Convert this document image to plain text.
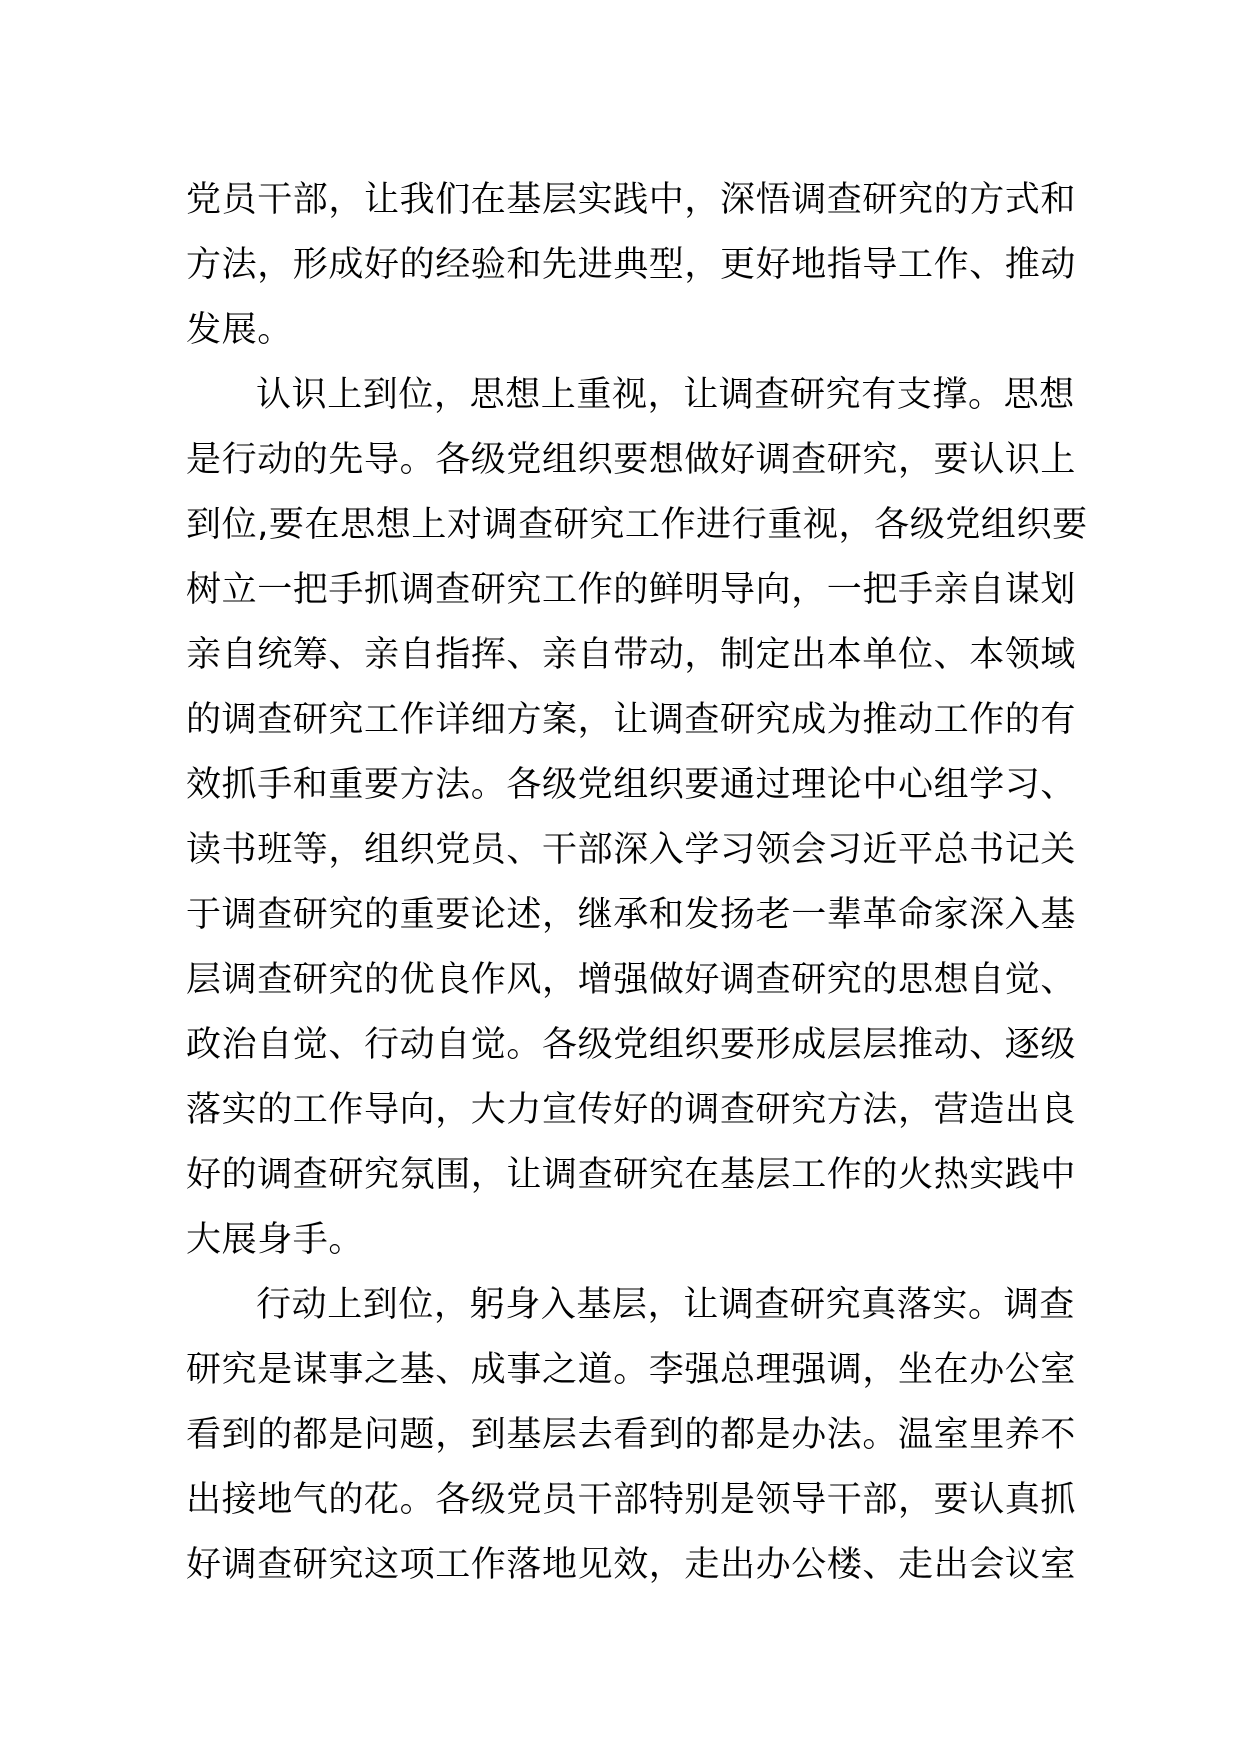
党员干部，让我们在基层实践中，深悟调查研究的方式和
方法，形成好的经验和先进典型，更好地指导工作、推动
发展。
认识上到位，思想上重视，让调查研究有支撑。思想
是行动的先导。各级党组织要想做好调查研究，要认识上
到位,要在思想上对调查研究工作进行重视，各级党组织要
树立一把手抓调查研究工作的鲜明导向，一把手亲自谋划
亲自统筹、亲自指挥、亲自带动，制定出本单位、本领域
的调查研究工作详细方案，让调查研究成为推动工作的有
效抓手和重要方法。各级党组织要通过理论中心组学习、
读书班等，组织党员、干部深入学习领会习近平总书记关
于调查研究的重要论述，继承和发扬老一辈革命家深入基
层调查研究的优良作风，增强做好调查研究的思想自觉、
政治自觉、行动自觉。各级党组织要形成层层推动、逐级
落实的工作导向，大力宣传好的调查研究方法，营造出良
好的调查研究氛围，让调查研究在基层工作的火热实践中
大展身手。
行动上到位，躬身入基层，让调查研究真落实。调查
研究是谋事之基、成事之道。李强总理强调，坐在办公室
看到的都是问题，到基层去看到的都是办法。温室里养不
出接地气的花。各级党员干部特别是领导干部，要认真抓
好调查研究这项工作落地见效，走出办公楼、走出会议室
